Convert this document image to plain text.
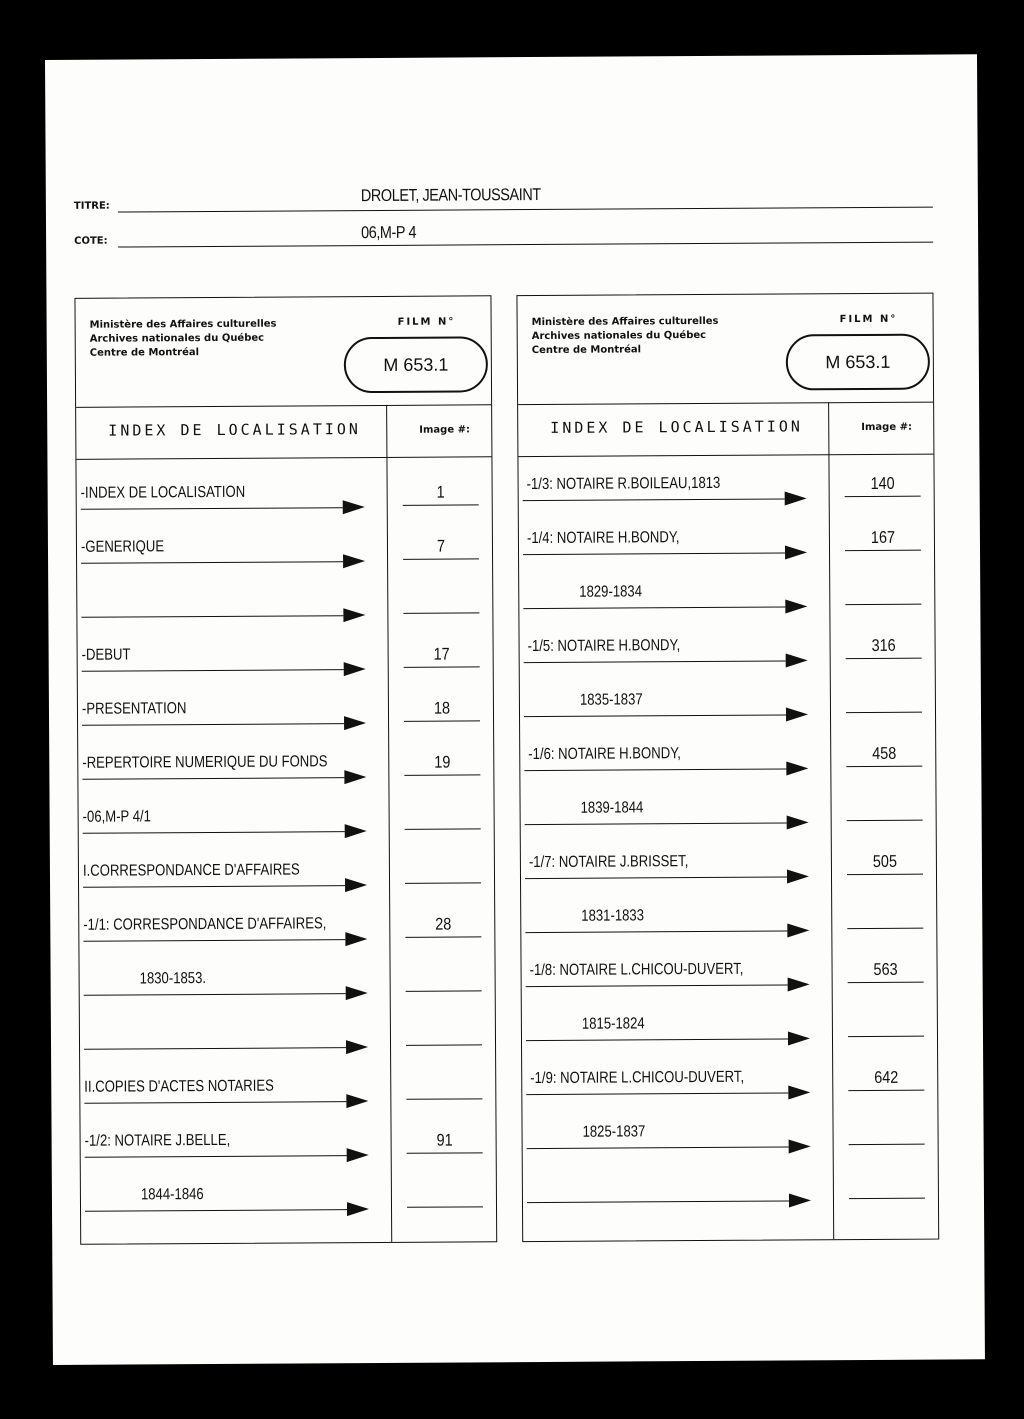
TITRE:
DROLET, JEAN-TOUSSAINT
COTE:	06,M-P 4
Ministère des Affaires culturelles
Archives nationales du Québec
Centre de Montréal
FILM N°
M 653.1
INDEX DE LOCALISATION	Image #:
-INDEX DE LOCALISATION	1
-GENERIQUE	7
-DEBUT	17
-PRESENTATION	18
-REPERTOIRE NUMERIQUE DU FONDS	19
-06,M-P 4/1
I.CORRESPONDANCE D'AFFAIRES
-1/1: CORRESPONDANCE D'AFFAIRES,	28
1830-1853.
II.COPIES D'ACTES NOTARIES
-1/2: NOTAIRE J.BELLE,	91
1844-1846
Ministère des Affaires culturelles
Archives nationales du Québec
Centre de Montréal
FILM N°
M 653.1
INDEX DE LOCALISATION	Image #:
-1/3: NOTAIRE R.BOILEAU,1813	140
-1/4: NOTAIRE H.BONDY,	167
1829-1834
-1/5: NOTAIRE H.BONDY,	316
1835-1837
-1/6: NOTAIRE H.BONDY,	458
1839-1844
-1/7: NOTAIRE J.BRISSET,	505
1831-1833
-1/8: NOTAIRE L.CHICOU-DUVERT,	563
1815-1824
-1/9: NOTAIRE L.CHICOU-DUVERT,	642
1825-1837
